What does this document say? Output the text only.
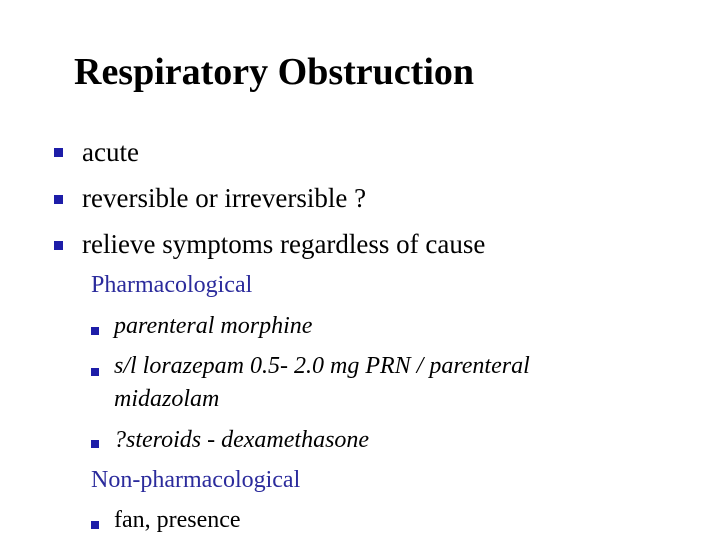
Respiratory Obstruction
acute
reversible or irreversible ?
relieve symptoms regardless of cause
Pharmacological
parenteral morphine
s/l lorazepam 0.5- 2.0 mg PRN / parenteral
midazolam
?steroids - dexamethasone
Non-pharmacological
fan, presence
